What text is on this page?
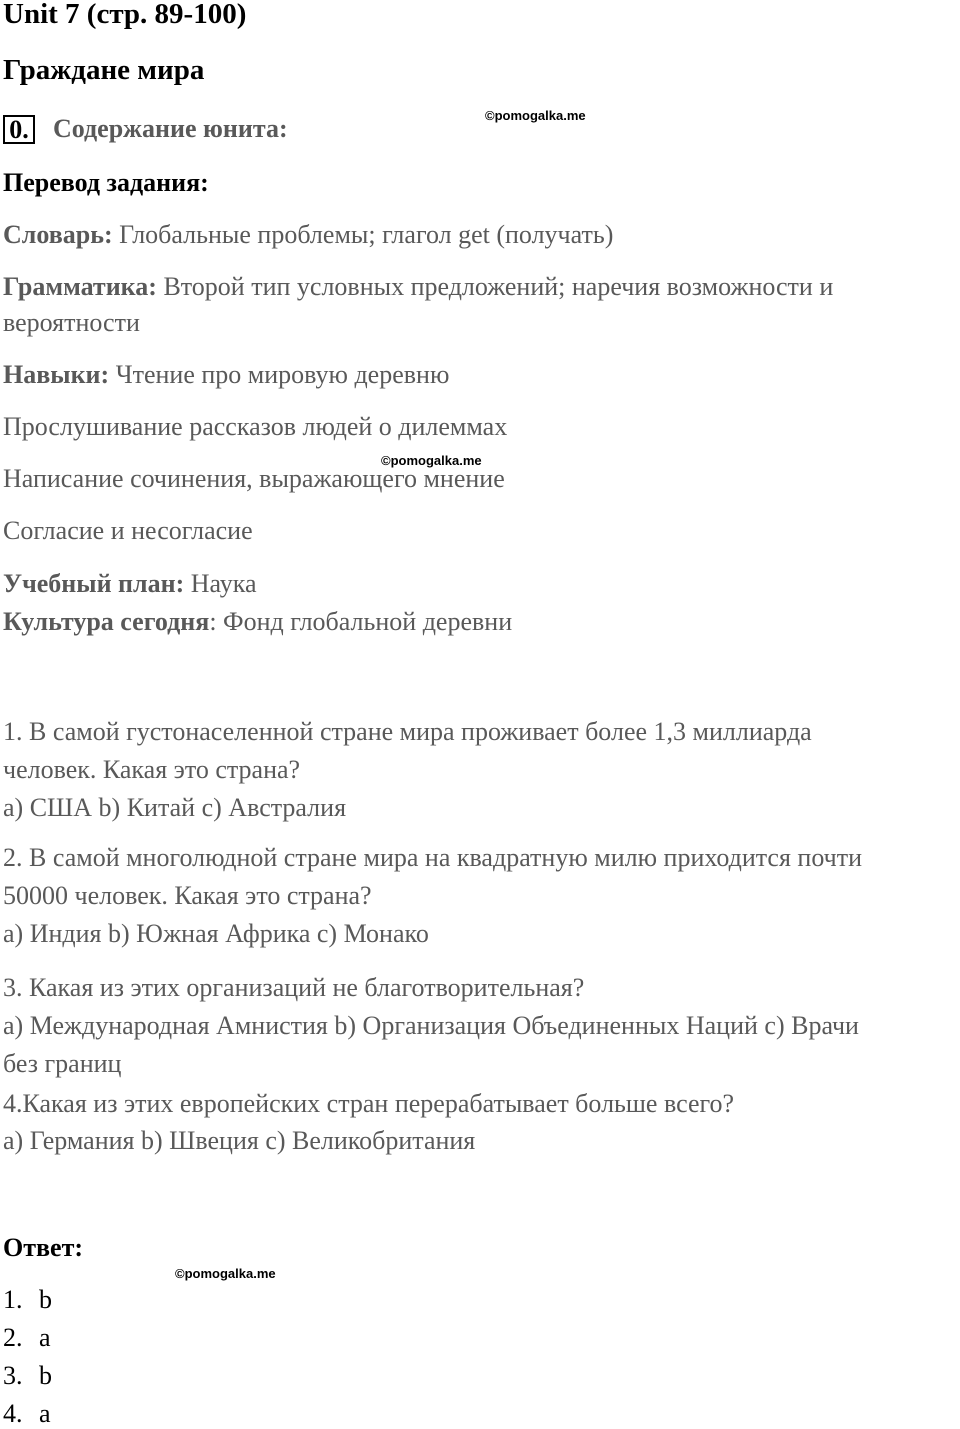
Unit 7 (стр. 89-100)
Граждане мира
0. Содержание юнита:	©pomogalka.me
Перевод задания:
Словарь: Глобальные проблемы; глагол get (получать)
Грамматика: Второй тип условных предложений; наречия возможности и
вероятности
Навыки: Чтение про мировую деревню
Прослушивание рассказов людей о дилеммах
©pomogalka.me
Написание сочинения, выражающего мнение
Согласие и несогласие
Учебный план: Наука
Культура сегодня: Фонд глобальной деревни
1. В самой густонаселенной стране мира проживает более 1,3 миллиарда
человек. Какая это страна?
a) США b) Китай c) Австралия
2. В самой многолюдной стране мира на квадратную милю приходится почти
50000 человек. Какая это страна?
a) Индия b) Южная Африка c) Монако
3. Какая из этих организаций не благотворительная?
a) Международная Амнистия b) Организация Объединенных Наций c) Врачи
без границ
4.Какая из этих европейских стран перерабатывает больше всего?
a) Германия b) Швеция c) Великобритания
Ответ:
©pomogalka.me
1. b
2. a
3. b
4. a
